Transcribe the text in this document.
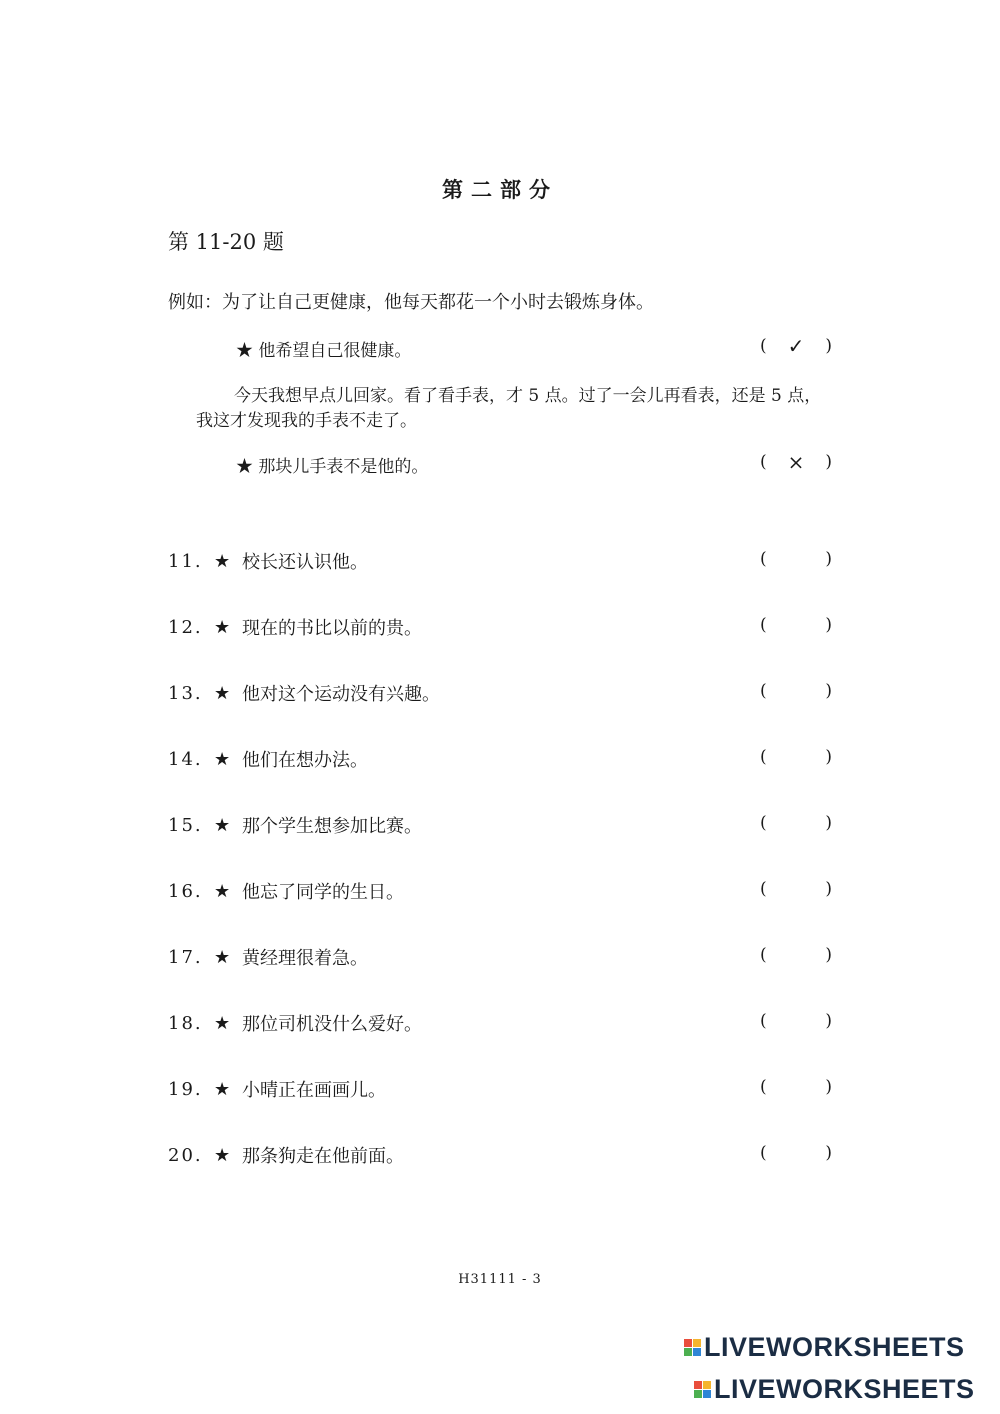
第二部分
第 11-20 题
例如：为了让自己更健康，他每天都花一个小时去锻炼身体。
★ 他希望自己很健康。	( ✓ )
今天我想早点儿回家。看了看手表，才 5 点。过了一会儿再看表，还是 5 点，我这才发现我的手表不走了。
★ 那块儿手表不是他的。	( × )
11. ★ 校长还认识他。	(	)
12. ★ 现在的书比以前的贵。	(	)
13. ★ 他对这个运动没有兴趣。	(	)
14. ★ 他们在想办法。	(	)
15. ★ 那个学生想参加比赛。	(	)
16. ★ 他忘了同学的生日。	(	)
17. ★ 黄经理很着急。	(	)
18. ★ 那位司机没什么爱好。	(	)
19. ★ 小晴正在画画儿。	(	)
20. ★ 那条狗走在他前面。	(	)
H31111 - 3
LIVEWORKSHEETS
LIVEWORKSHEETS
